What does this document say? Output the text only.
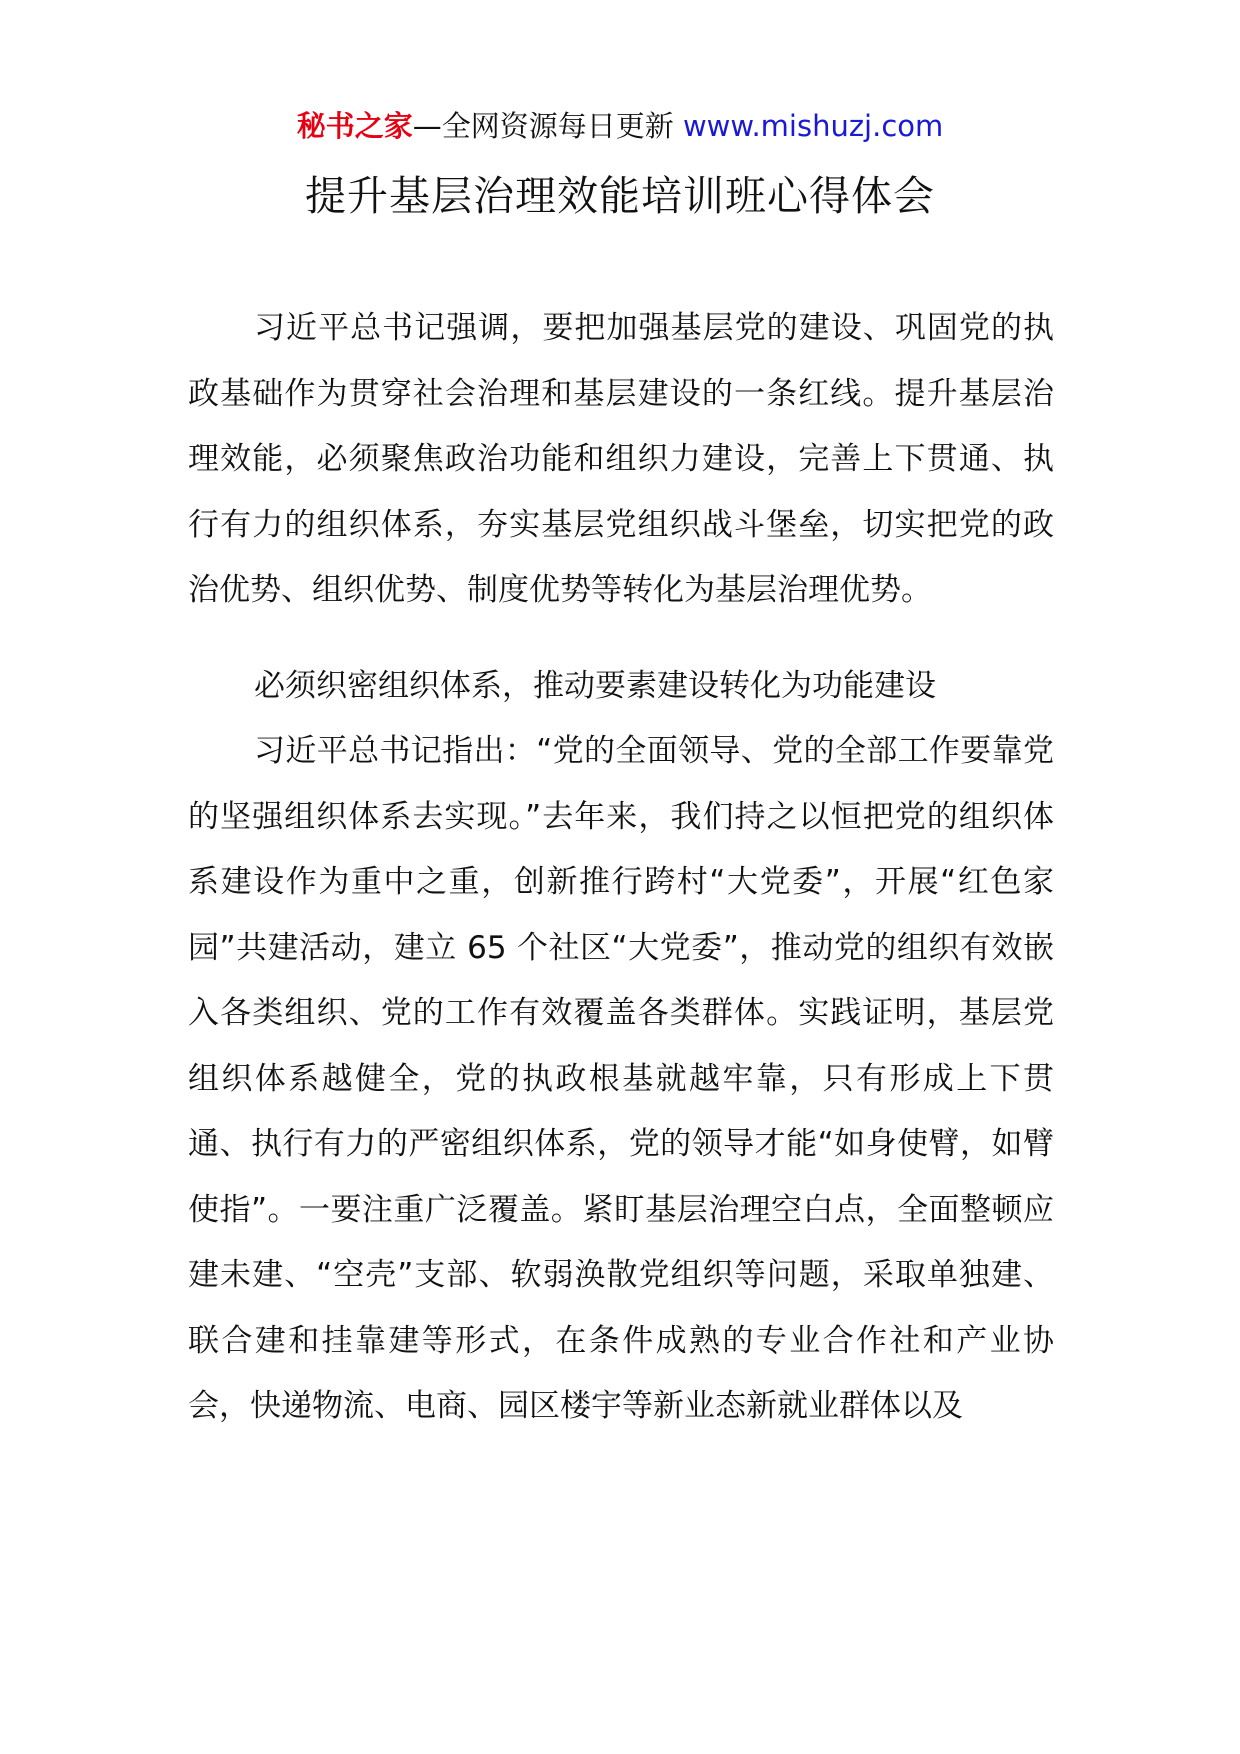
秘书之家—全网资源每日更新 www.mishuzj.com
提升基层治理效能培训班心得体会

习近平总书记强调，要把加强基层党的建设、巩固党的执政基础作为贯穿社会治理和基层建设的一条红线。提升基层治理效能，必须聚焦政治功能和组织力建设，完善上下贯通、执行有力的组织体系，夯实基层党组织战斗堡垒，切实把党的政治优势、组织优势、制度优势等转化为基层治理优势。

必须织密组织体系，推动要素建设转化为功能建设

习近平总书记指出：“党的全面领导、党的全部工作要靠党的坚强组织体系去实现。”去年来，我们持之以恒把党的组织体系建设作为重中之重，创新推行跨村“大党委”，开展“红色家园”共建活动，建立 65 个社区“大党委”，推动党的组织有效嵌入各类组织、党的工作有效覆盖各类群体。实践证明，基层党组织体系越健全，党的执政根基就越牢靠，只有形成上下贯通、执行有力的严密组织体系，党的领导才能“如身使臂，如臂使指”。一要注重广泛覆盖。紧盯基层治理空白点，全面整顿应建未建、“空壳”支部、软弱涣散党组织等问题，采取单独建、联合建和挂靠建等形式，在条件成熟的专业合作社和产业协会，快递物流、电商、园区楼宇等新业态新就业群体以及
